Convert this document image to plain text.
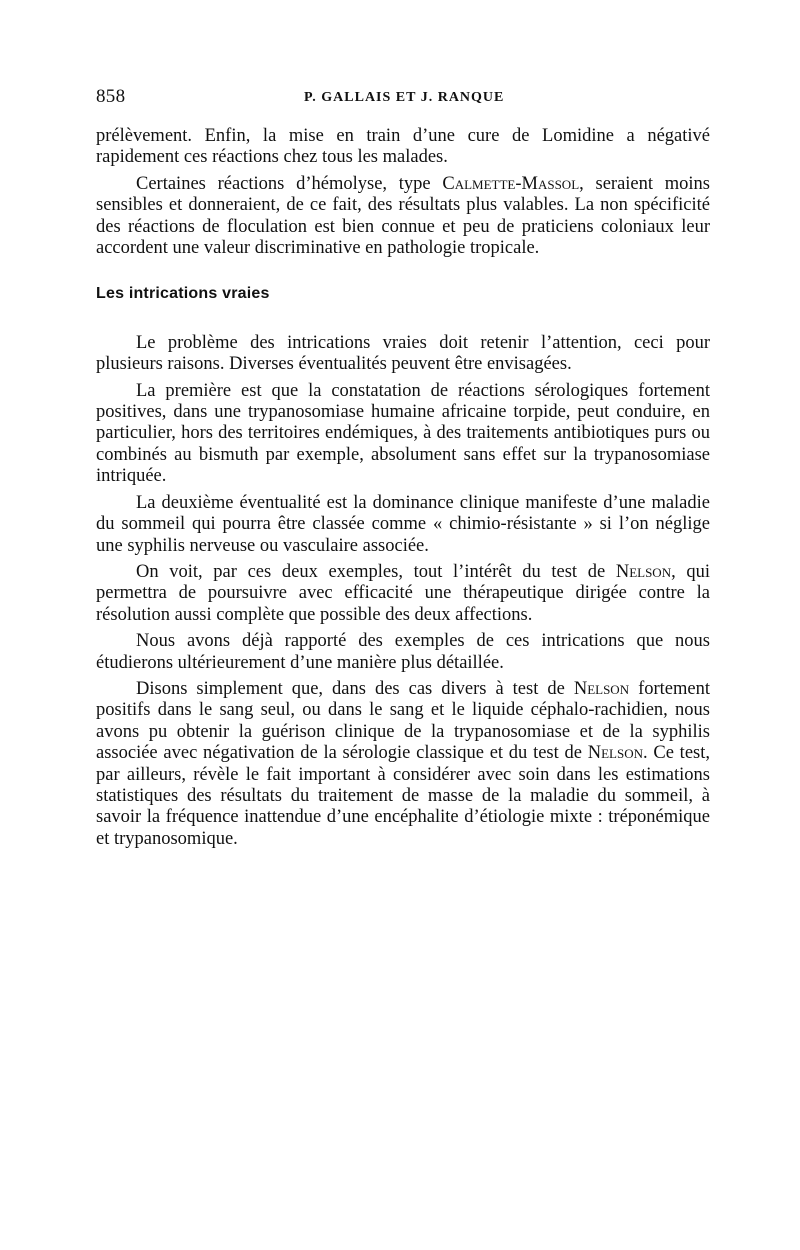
858	P. GALLAIS ET J. RANQUE

prélèvement. Enfin, la mise en train d’une cure de Lomidine a négativé rapidement ces réactions chez tous les malades.

Certaines réactions d’hémolyse, type Calmette-Massol, seraient moins sensibles et donneraient, de ce fait, des résultats plus valables. La non spécificité des réactions de floculation est bien connue et peu de praticiens coloniaux leur accordent une valeur discriminative en pathologie tropicale.

Les intrications vraies

Le problème des intrications vraies doit retenir l’attention, ceci pour plusieurs raisons. Diverses éventualités peuvent être envisagées.

La première est que la constatation de réactions sérologiques fortement positives, dans une trypanosomiase humaine africaine torpide, peut conduire, en particulier, hors des territoires endémiques, à des traitements antibiotiques purs ou combinés au bismuth par exemple, absolument sans effet sur la trypanosomiase intriquée.

La deuxième éventualité est la dominance clinique manifeste d’une maladie du sommeil qui pourra être classée comme « chimio-résistante » si l’on néglige une syphilis nerveuse ou vasculaire associée.

On voit, par ces deux exemples, tout l’intérêt du test de Nelson, qui permettra de poursuivre avec efficacité une thérapeutique dirigée contre la résolution aussi complète que possible des deux affections.

Nous avons déjà rapporté des exemples de ces intrications que nous étudierons ultérieurement d’une manière plus détaillée.

Disons simplement que, dans des cas divers à test de Nelson fortement positifs dans le sang seul, ou dans le sang et le liquide céphalo-rachidien, nous avons pu obtenir la guérison clinique de la trypanosomiase et de la syphilis associée avec négativation de la sérologie classique et du test de Nelson. Ce test, par ailleurs, révèle le fait important à considérer avec soin dans les estimations statistiques des résultats du traitement de masse de la maladie du sommeil, à savoir la fréquence inattendue d’une encéphalite d’étiologie mixte : tréponémique et trypanosomique.
